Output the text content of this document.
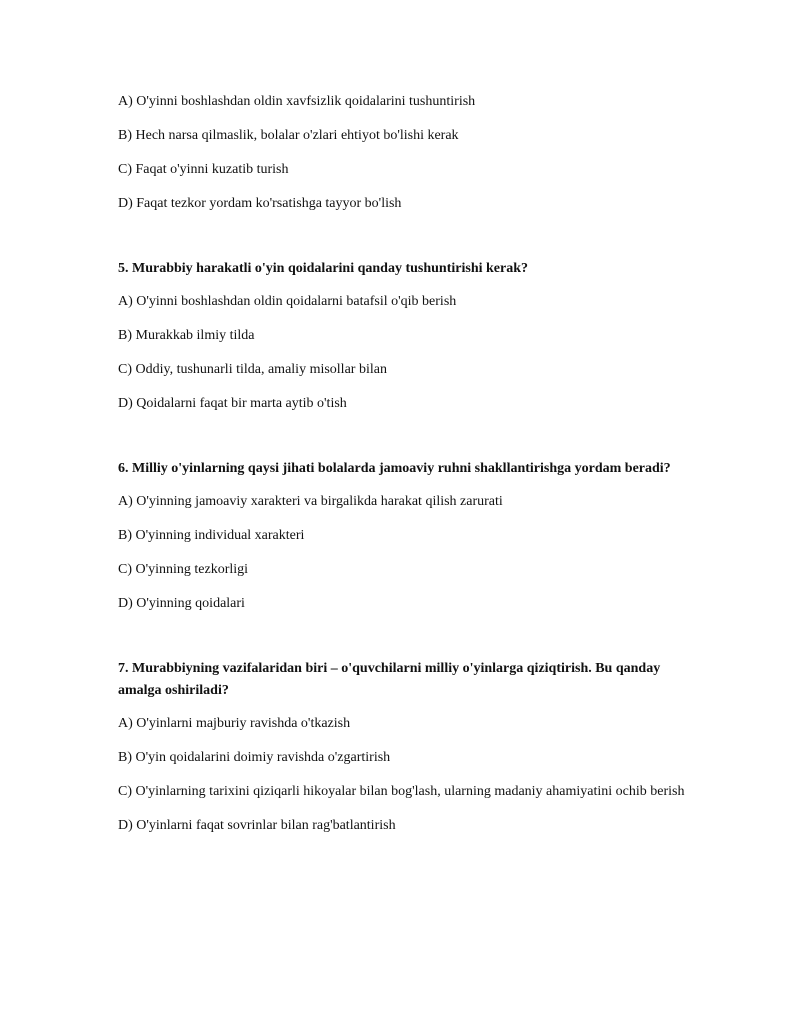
A) O'yinni boshlashdan oldin xavfsizlik qoidalarini tushuntirish

B) Hech narsa qilmaslik, bolalar o'zlari ehtiyot bo'lishi kerak

C) Faqat o'yinni kuzatib turish

D) Faqat tezkor yordam ko'rsatishga tayyor bo'lish

5. Murabbiy harakatli o'yin qoidalarini qanday tushuntirishi kerak?

A) O'yinni boshlashdan oldin qoidalarni batafsil o'qib berish

B) Murakkab ilmiy tilda

C) Oddiy, tushunarli tilda, amaliy misollar bilan

D) Qoidalarni faqat bir marta aytib o'tish

6. Milliy o'yinlarning qaysi jihati bolalarda jamoaviy ruhni shakllantirishga yordam beradi?

A) O'yinning jamoaviy xarakteri va birgalikda harakat qilish zarurati

B) O'yinning individual xarakteri

C) O'yinning tezkorligi

D) O'yinning qoidalari

7. Murabbiyning vazifalaridan biri – o'quvchilarni milliy o'yinlarga qiziqtirish. Bu qanday amalga oshiriladi?

A) O'yinlarni majburiy ravishda o'tkazish

B) O'yin qoidalarini doimiy ravishda o'zgartirish

C) O'yinlarning tarixini qiziqarli hikoyalar bilan bog'lash, ularning madaniy ahamiyatini ochib berish

D) O'yinlarni faqat sovrinlar bilan rag'batlantirish
